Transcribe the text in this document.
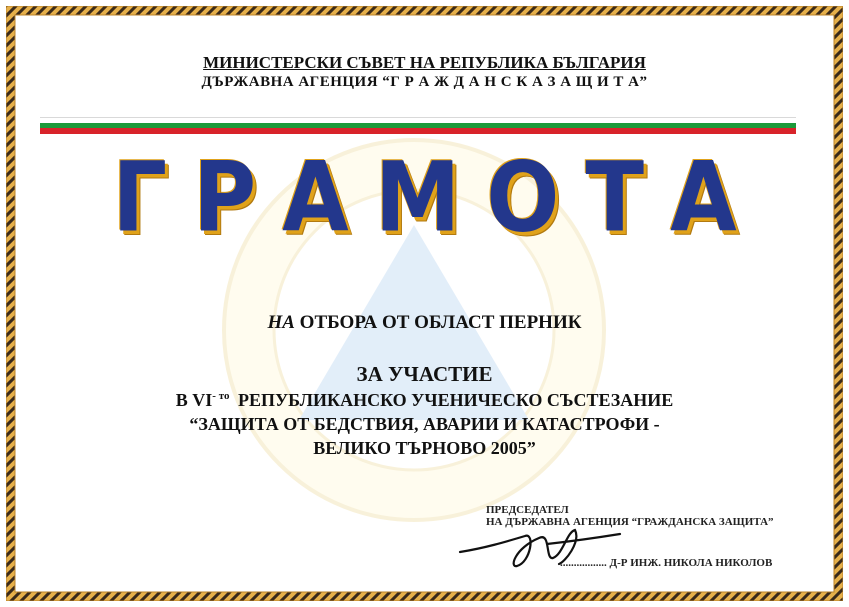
МИНИСТЕРСКИ СЪВЕТ НА РЕПУБЛИКА БЪЛГАРИЯ
ДЪРЖАВНА АГЕНЦИЯ “Г Р А Ж Д А Н С К А З А Щ И Т А”
ГРАМОТА
НА ОТБОРА ОТ ОБЛАСТ ПЕРНИК
ЗА УЧАСТИЕ
В $VI^{- то}$ РЕПУБЛИКАНСКО УЧЕНИЧЕСКО СЪСТЕЗАНИЕ
“ЗАЩИТА ОТ БЕДСТВИЯ, АВАРИИ И КАТАСТРОФИ -
ВЕЛИКО ТЪРНОВО 2005”
ПРЕДСЕДАТЕЛ
НА ДЪРЖАВНА АГЕНЦИЯ “ГРАЖДАНСКА ЗАЩИТА”
................. Д-Р ИНЖ. НИКОЛА НИКОЛОВ
